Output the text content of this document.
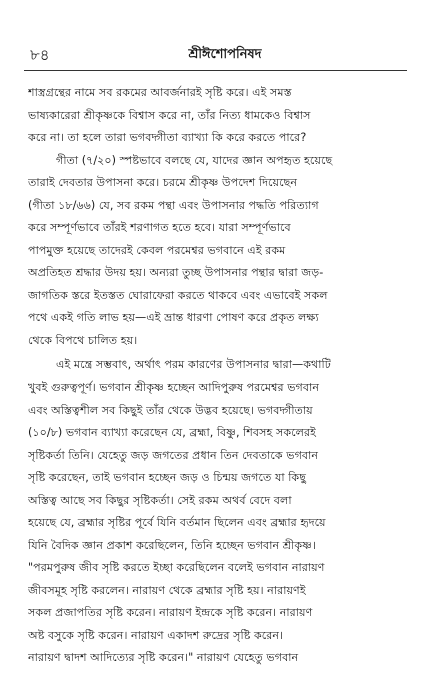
৮৪	শ্রীঈশোপনিষদ
শাস্ত্রগ্রন্থের নামে সব রকমের আবর্জনারই সৃষ্টি করে। এই সমস্ত
ভাষ্যকারেরা শ্রীকৃষ্ণকে বিশ্বাস করে না, তাঁর নিত্য ধামকেও বিশ্বাস
করে না। তা হলে তারা ভগবদ্গীতা ব্যাখ্যা কি করে করতে পারে?
গীতা (৭/২০) স্পষ্টভাবে বলছে যে, যাদের জ্ঞান অপহৃত হয়েছে
তারাই দেবতার উপাসনা করে। চরমে শ্রীকৃষ্ণ উপদেশ দিয়েছেন
(গীতা ১৮/৬৬) যে, সব রকম পন্থা এবং উপাসনার পদ্ধতি পরিত্যাগ
করে সম্পূর্ণভাবে তাঁরই শরণাগত হতে হবে। যারা সম্পূর্ণভাবে
পাপমুক্ত হয়েছে তাদেরই কেবল পরমেশ্বর ভগবানে এই রকম
অপ্রতিহত শ্রদ্ধার উদয় হয়। অন্যরা তুচ্ছ উপাসনার পন্থার দ্বারা জড়-
জাগতিক স্তরে ইতস্তত ঘোরাফেরা করতে থাকবে এবং এভাবেই সকল
পথে একই গতি লাভ হয়—এই ভ্রান্ত ধারণা পোষণ করে প্রকৃত লক্ষ্য
থেকে বিপথে চালিত হয়।
এই মন্ত্রে সম্ভবাৎ, অর্থাৎ পরম কারণের উপাসনার দ্বারা—কথাটি
খুবই গুরুত্বপূর্ণ। ভগবান শ্রীকৃষ্ণ হচ্ছেন আদিপুরুষ পরমেশ্বর ভগবান
এবং অস্তিত্বশীল সব কিছুই তাঁর থেকে উদ্ভব হয়েছে। ভগবদ্গীতায়
(১০/৮) ভগবান ব্যাখ্যা করেছেন যে, ব্রহ্মা, বিষ্ণু, শিবসহ সকলেরই
সৃষ্টিকর্তা তিনি। যেহেতু জড় জগতের প্রধান তিন দেবতাকে ভগবান
সৃষ্টি করেছেন, তাই ভগবান হচ্ছেন জড় ও চিন্ময় জগতে যা কিছু
অস্তিত্ব আছে সব কিছুর সৃষ্টিকর্তা। সেই রকম অথর্ব বেদে বলা
হয়েছে যে, ব্রহ্মার সৃষ্টির পূর্বে যিনি বর্তমান ছিলেন এবং ব্রহ্মার হৃদয়ে
যিনি বৈদিক জ্ঞান প্রকাশ করেছিলেন, তিনি হচ্ছেন ভগবান শ্রীকৃষ্ণ।
"পরমপুরুষ জীব সৃষ্টি করতে ইচ্ছা করেছিলেন বলেই ভগবান নারায়ণ
জীবসমূহ সৃষ্টি করলেন। নারায়ণ থেকে ব্রহ্মার সৃষ্টি হয়। নারায়ণই
সকল প্রজাপতির সৃষ্টি করেন। নারায়ণ ইন্দ্রকে সৃষ্টি করেন। নারায়ণ
অষ্ট বসুকে সৃষ্টি করেন। নারায়ণ একাদশ রুদ্রের সৃষ্টি করেন।
নারায়ণ দ্বাদশ আদিত্যের সৃষ্টি করেন।" নারায়ণ যেহেতু ভগবান
